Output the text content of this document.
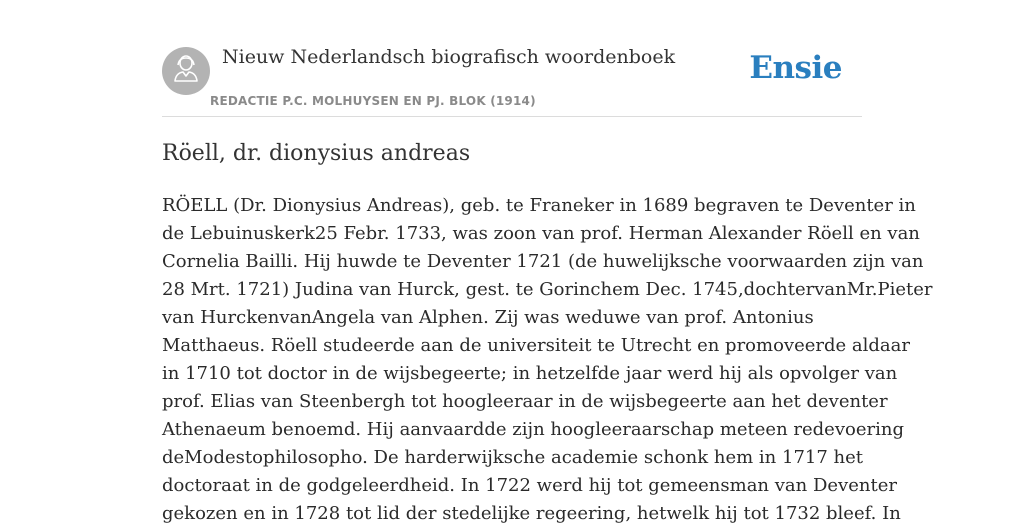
Nieuw Nederlandsch biografisch woordenboek
REDACTIE P.C. MOLHUYSEN EN PJ. BLOK (1914)
Ensie
Röell, dr. dionysius andreas
RÖELL (Dr. Dionysius Andreas), geb. te Franeker in 1689 begraven te Deventer in
de Lebuinuskerk25 Febr. 1733, was zoon van prof. Herman Alexander Röell en van
Cornelia Bailli. Hij huwde te Deventer 1721 (de huwelijksche voorwaarden zijn van
28 Mrt. 1721) Judina van Hurck, gest. te Gorinchem Dec. 1745,dochtervanMr.Pieter
van HurckenvanAngela van Alphen. Zij was weduwe van prof. Antonius
Matthaeus. Röell studeerde aan de universiteit te Utrecht en promoveerde aldaar
in 1710 tot doctor in de wijsbegeerte; in hetzelfde jaar werd hij als opvolger van
prof. Elias van Steenbergh tot hoogleeraar in de wijsbegeerte aan het deventer
Athenaeum benoemd. Hij aanvaardde zijn hoogleeraarschap meteen redevoering
deModestophilosopho. De harderwijksche academie schonk hem in 1717 het
doctoraat in de godgeleerdheid. In 1722 werd hij tot gemeensman van Deventer
gekozen en in 1728 tot lid der stedelijke regeering, hetwelk hij tot 1732 bleef. In
